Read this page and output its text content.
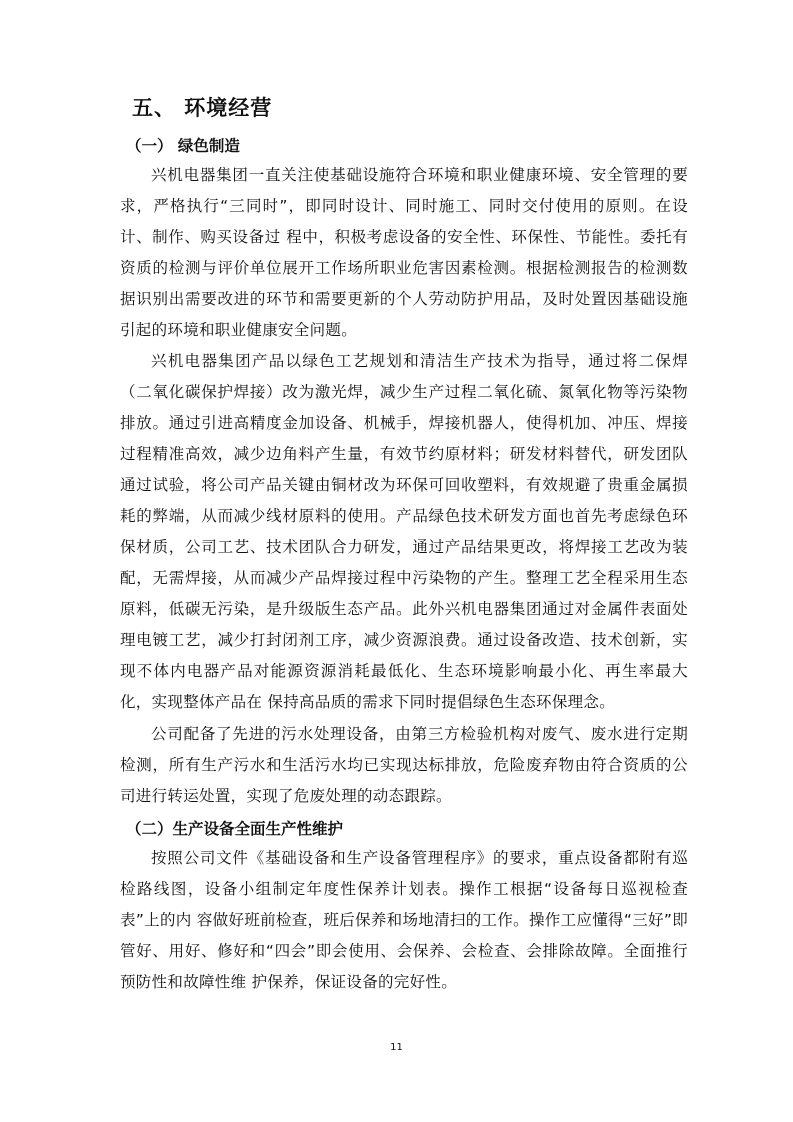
五、 环境经营
（一） 绿色制造

兴机电器集团一直关注使基础设施符合环境和职业健康环境、安全管理的要求，严格执行“三同时”，即同时设计、同时施工、同时交付使用的原则。在设计、制作、购买设备过 程中，积极考虑设备的安全性、环保性、节能性。委托有资质的检测与评价单位展开工作场所职业危害因素检测。根据检测报告的检测数据识别出需要改进的环节和需要更新的个人劳动防护用品，及时处置因基础设施引起的环境和职业健康安全问题。

兴机电器集团产品以绿色工艺规划和清洁生产技术为指导，通过将二保焊（二氧化碳保护焊接）改为激光焊，减少生产过程二氧化硫、氮氧化物等污染物排放。通过引进高精度金加设备、机械手，焊接机器人，使得机加、冲压、焊接过程精准高效，减少边角料产生量，有效节约原材料；研发材料替代，研发团队通过试验，将公司产品关键由铜材改为环保可回收塑料，有效规避了贵重金属损耗的弊端，从而减少线材原料的使用。产品绿色技术研发方面也首先考虑绿色环保材质，公司工艺、技术团队合力研发，通过产品结果更改，将焊接工艺改为装配，无需焊接，从而减少产品焊接过程中污染物的产生。整理工艺全程采用生态原料，低碳无污染，是升级版生态产品。此外兴机电器集团通过对金属件表面处理电镀工艺，减少打封闭剂工序，减少资源浪费。通过设备改造、技术创新，实现不体内电器产品对能源资源消耗最低化、生态环境影响最小化、再生率最大化，实现整体产品在 保持高品质的需求下同时提倡绿色生态环保理念。

公司配备了先进的污水处理设备，由第三方检验机构对废气、废水进行定期检测，所有生产污水和生活污水均已实现达标排放，危险废弃物由符合资质的公司进行转运处置，实现了危废处理的动态跟踪。

（二）生产设备全面生产性维护

按照公司文件《基础设备和生产设备管理程序》的要求，重点设备都附有巡检路线图，设备小组制定年度性保养计划表。操作工根据“设备每日巡视检查表”上的内 容做好班前检查，班后保养和场地清扫的工作。操作工应懂得“三好”即管好、用好、修好和“四会”即会使用、会保养、会检查、会排除故障。全面推行预防性和故障性维 护保养，保证设备的完好性。

11
